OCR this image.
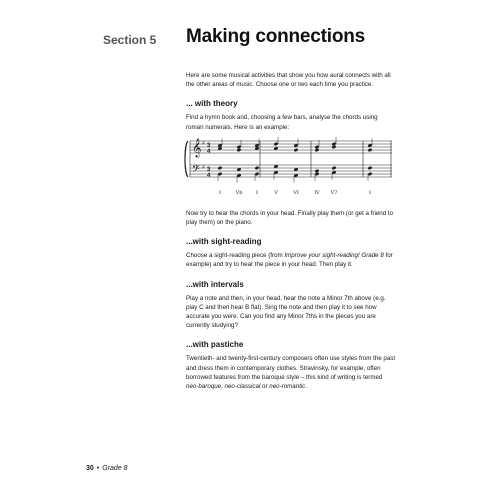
Section 5 Making connections

Here are some musical activities that show you how aural connects with all the other areas of music. Choose one or two each time you practice.

... with theory

Find a hymn book and, choosing a few bars, analyse the chords using roman numerals. Here is an example:

𝄞
𝄢
♯
♯
3
4
3
4
I	Vb	I	V	VI	IV V7	I

Now try to hear the chords in your head. Finally play them (or get a friend to play them) on the piano.

...with sight-reading

Choose a sight-reading piece (from Improve your sight-reading! Grade 8 for example) and try to hear the piece in your head. Then play it.

...with intervals

Play a note and then, in your head, hear the note a Minor 7th above (e.g. play C and then hear B flat). Sing the note and then play it to see how accurate you were. Can you find any Minor 7ths in the pieces you are currently studying?

...with pastiche

Twentieth- and twenty-first-century composers often use styles from the past and dress them in contemporary clothes. Stravinsky, for example, often borrowed features from the baroque style – this kind of writing is termed neo-baroque, neo-classical or neo-romantic.

30 • Grade 8
